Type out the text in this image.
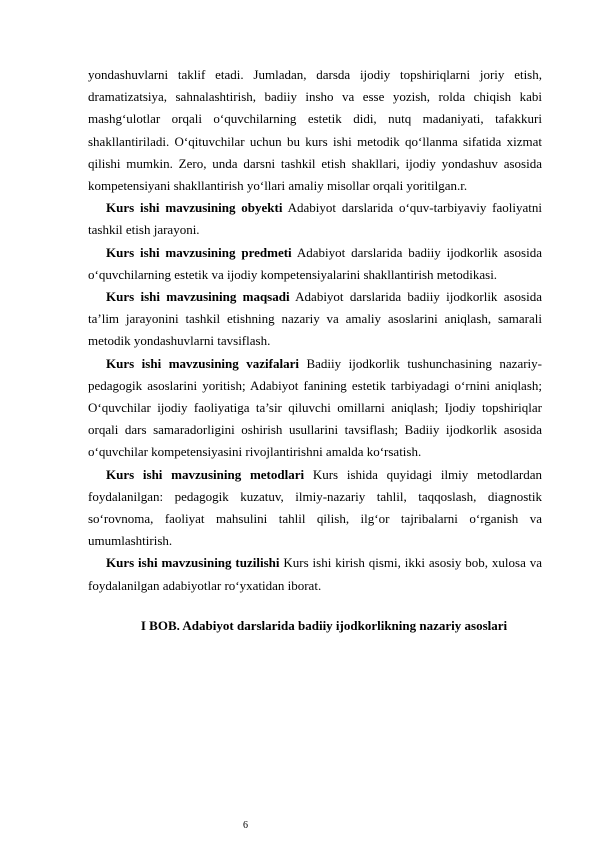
yondashuvlarni taklif etadi. Jumladan, darsda ijodiy topshiriqlarni joriy etish, dramatizatsiya, sahnalashtirish, badiiy insho va esse yozish, rolda chiqish kabi mashg‘ulotlar orqali o‘quvchilarning estetik didi, nutq madaniyati, tafakkuri shakllantiriladi. O‘qituvchilar uchun bu kurs ishi metodik qo‘llanma sifatida xizmat qilishi mumkin. Zero, unda darsni tashkil etish shakllari, ijodiy yondashuv asosida kompetensiyani shakllantirish yo‘llari amaliy misollar orqali yoritilgan.r.

Kurs ishi mavzusining obyekti Adabiyot darslarida o‘quv-tarbiyaviy faoliyatni tashkil etish jarayoni.

Kurs ishi mavzusining predmeti Adabiyot darslarida badiiy ijodkorlik asosida o‘quvchilarning estetik va ijodiy kompetensiyalarini shakllantirish metodikasi.

Kurs ishi mavzusining maqsadi Adabiyot darslarida badiiy ijodkorlik asosida ta’lim jarayonini tashkil etishning nazariy va amaliy asoslarini aniqlash, samarali metodik yondashuvlarni tavsiflash.

Kurs ishi mavzusining vazifalari Badiiy ijodkorlik tushunchasining nazariy-pedagogik asoslarini yoritish; Adabiyot fanining estetik tarbiyadagi o‘rnini aniqlash; O‘quvchilar ijodiy faoliyatiga ta’sir qiluvchi omillarni aniqlash; Ijodiy topshiriqlar orqali dars samaradorligini oshirish usullarini tavsiflash; Badiiy ijodkorlik asosida o‘quvchilar kompetensiyasini rivojlantirishni amalda ko‘rsatish.

Kurs ishi mavzusining metodlari Kurs ishida quyidagi ilmiy metodlardan foydalanilgan: pedagogik kuzatuv, ilmiy-nazariy tahlil, taqqoslash, diagnostik so‘rovnoma, faoliyat mahsulini tahlil qilish, ilg‘or tajribalarni o‘rganish va umumlashtirish.

Kurs ishi mavzusining tuzilishi Kurs ishi kirish qismi, ikki asosiy bob, xulosa va foydalanilgan adabiyotlar ro‘yxatidan iborat.

I BOB. Adabiyot darslarida badiiy ijodkorlikning nazariy asoslari
6
